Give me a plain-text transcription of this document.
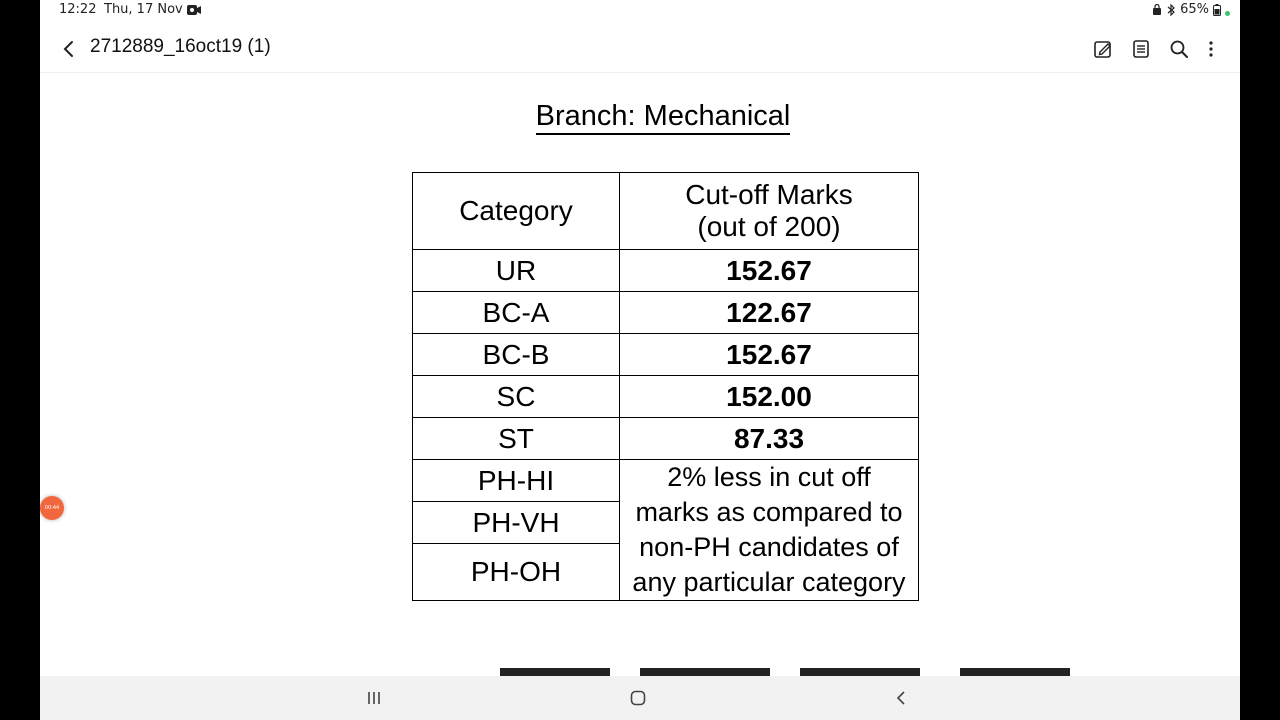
12:22 Thu, 17 Nov	65%
2712889_16oct19 (1)
Branch: Mechanical
Category	Cut-off Marks
(out of 200)

UR	152.67
BC-A	122.67
BC-B	152.67
SC	152.00
ST	87.33
PH-HI	2% less in cut off
marks as compared to
non-PH candidates of
any particular category

PH-VH	
PH-OH	
00:44
